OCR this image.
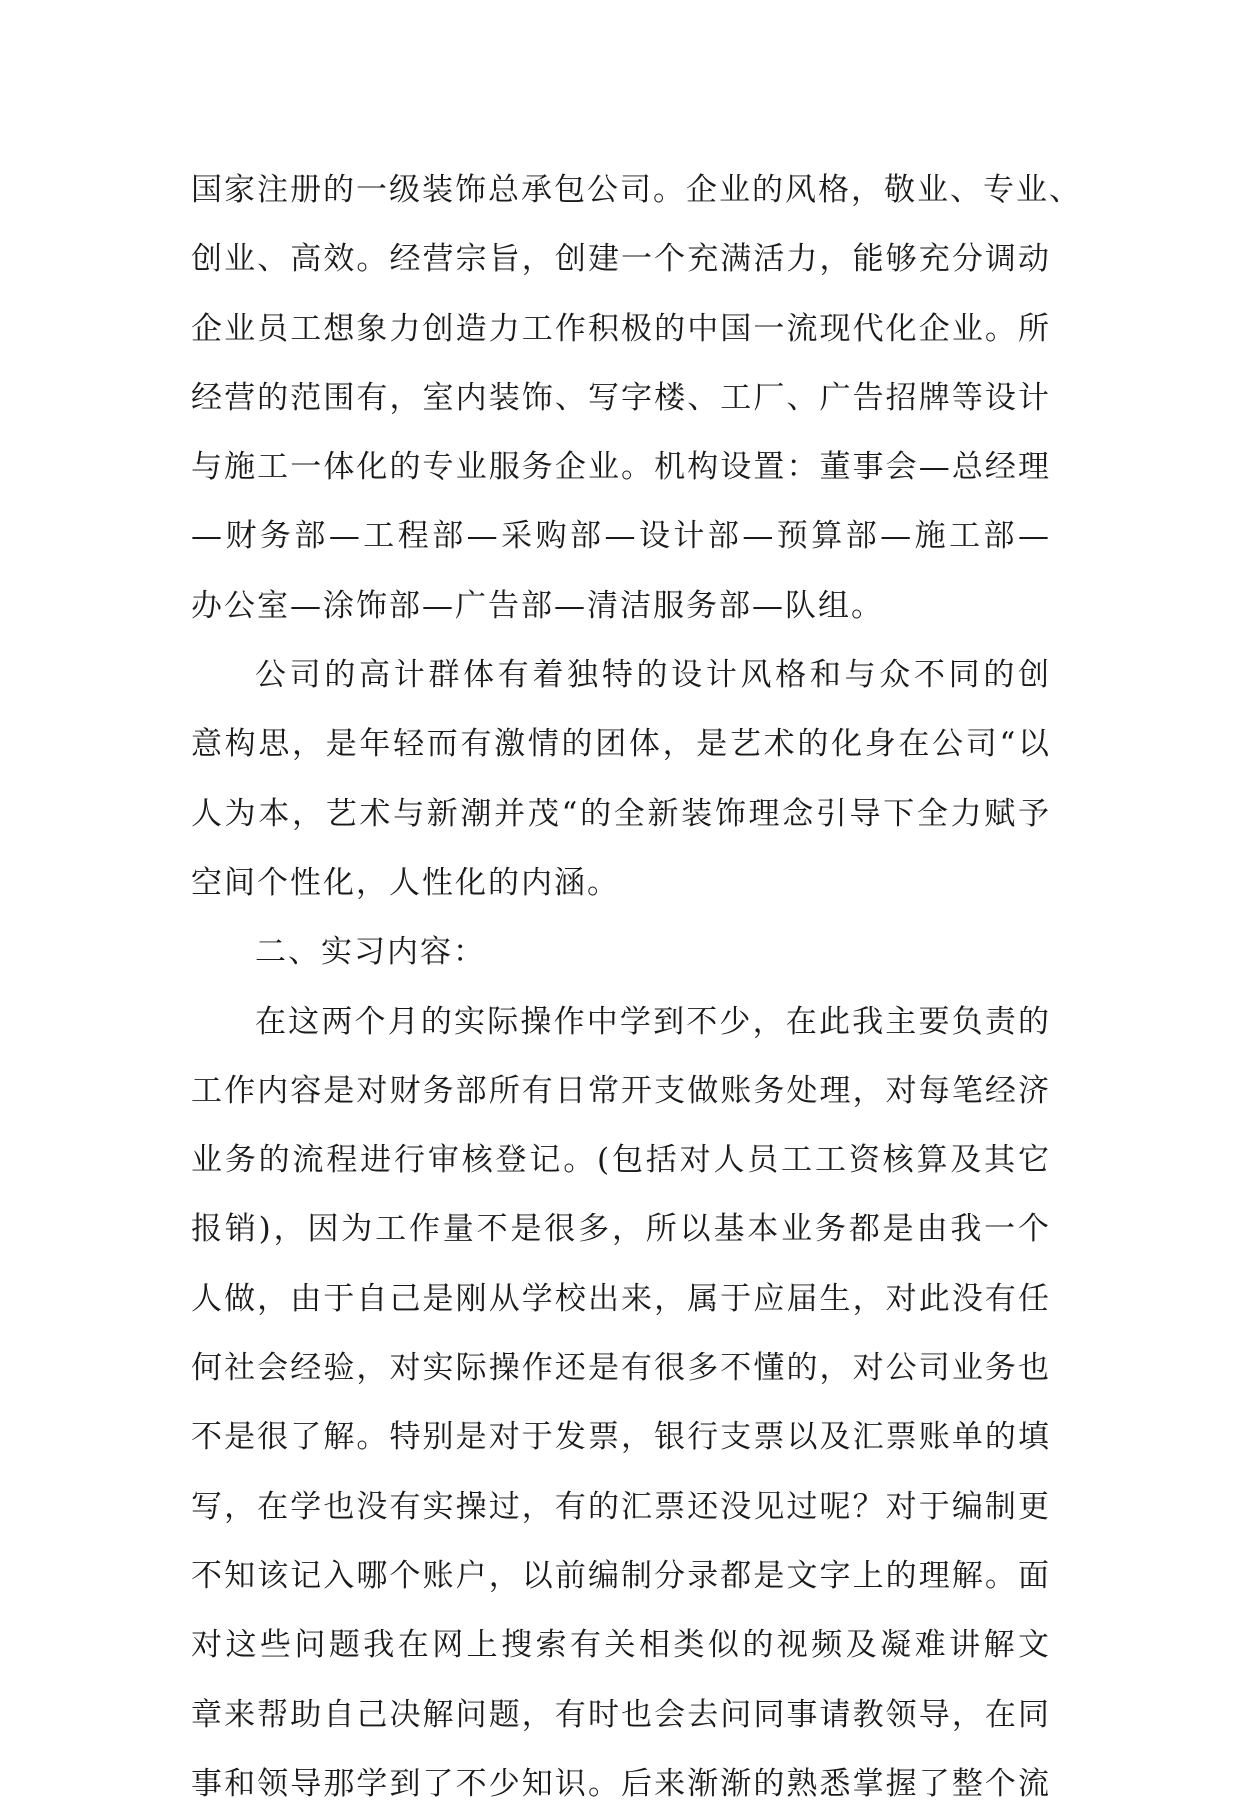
国家注册的一级装饰总承包公司。企业的风格，敬业、专业、
创业、高效。经营宗旨，创建一个充满活力，能够充分调动
企业员工想象力创造力工作积极的中国一流现代化企业。所
经营的范围有，室内装饰、写字楼、工厂、广告招牌等设计
与施工一体化的专业服务企业。机构设置：董事会—总经理
—财务部—工程部—采购部—设计部—预算部—施工部—
办公室—涂饰部—广告部—清洁服务部—队组。
公司的高计群体有着独特的设计风格和与众不同的创
意构思，是年轻而有激情的团体，是艺术的化身在公司“以
人为本，艺术与新潮并茂“的全新装饰理念引导下全力赋予
空间个性化，人性化的内涵。
二、实习内容：
在这两个月的实际操作中学到不少，在此我主要负责的
工作内容是对财务部所有日常开支做账务处理，对每笔经济
业务的流程进行审核登记。(包括对人员工工资核算及其它
报销)，因为工作量不是很多，所以基本业务都是由我一个
人做，由于自己是刚从学校出来，属于应届生，对此没有任
何社会经验，对实际操作还是有很多不懂的，对公司业务也
不是很了解。特别是对于发票，银行支票以及汇票账单的填
写，在学也没有实操过，有的汇票还没见过呢？对于编制更
不知该记入哪个账户，以前编制分录都是文字上的理解。面
对这些问题我在网上搜索有关相类似的视频及凝难讲解文
章来帮助自己决解问题，有时也会去问同事请教领导，在同
事和领导那学到了不少知识。后来渐渐的熟悉掌握了整个流
